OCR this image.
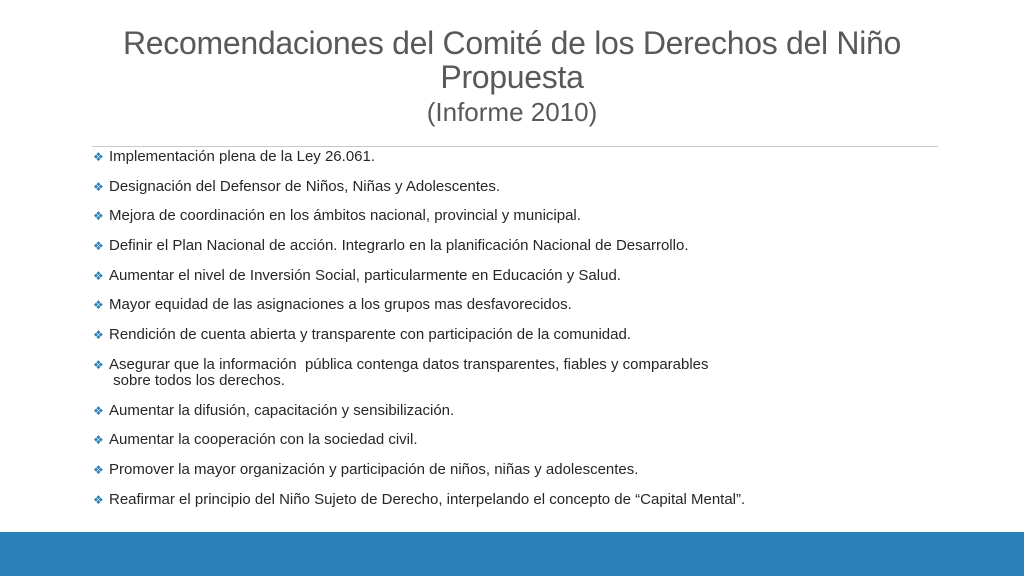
Recomendaciones del Comité de los Derechos del Niño
Propuesta
(Informe 2010)
❖ Implementación plena de la Ley 26.061.
❖ Designación del Defensor de Niños, Niñas y Adolescentes.
❖ Mejora de coordinación en los ámbitos nacional, provincial y municipal.
❖ Definir el Plan Nacional de acción. Integrarlo en la planificación Nacional de Desarrollo.
❖ Aumentar el nivel de Inversión Social, particularmente en Educación y Salud.
❖ Mayor equidad de las asignaciones a los grupos mas desfavorecidos.
❖ Rendición de cuenta abierta y transparente con participación de la comunidad.
❖ Asegurar que la información  pública contenga datos transparentes, fiables y comparables
sobre todos los derechos.
❖ Aumentar la difusión, capacitación y sensibilización.
❖ Aumentar la cooperación con la sociedad civil.
❖ Promover la mayor organización y participación de niños, niñas y adolescentes.
❖ Reafirmar el principio del Niño Sujeto de Derecho, interpelando el concepto de “Capital Mental”.
